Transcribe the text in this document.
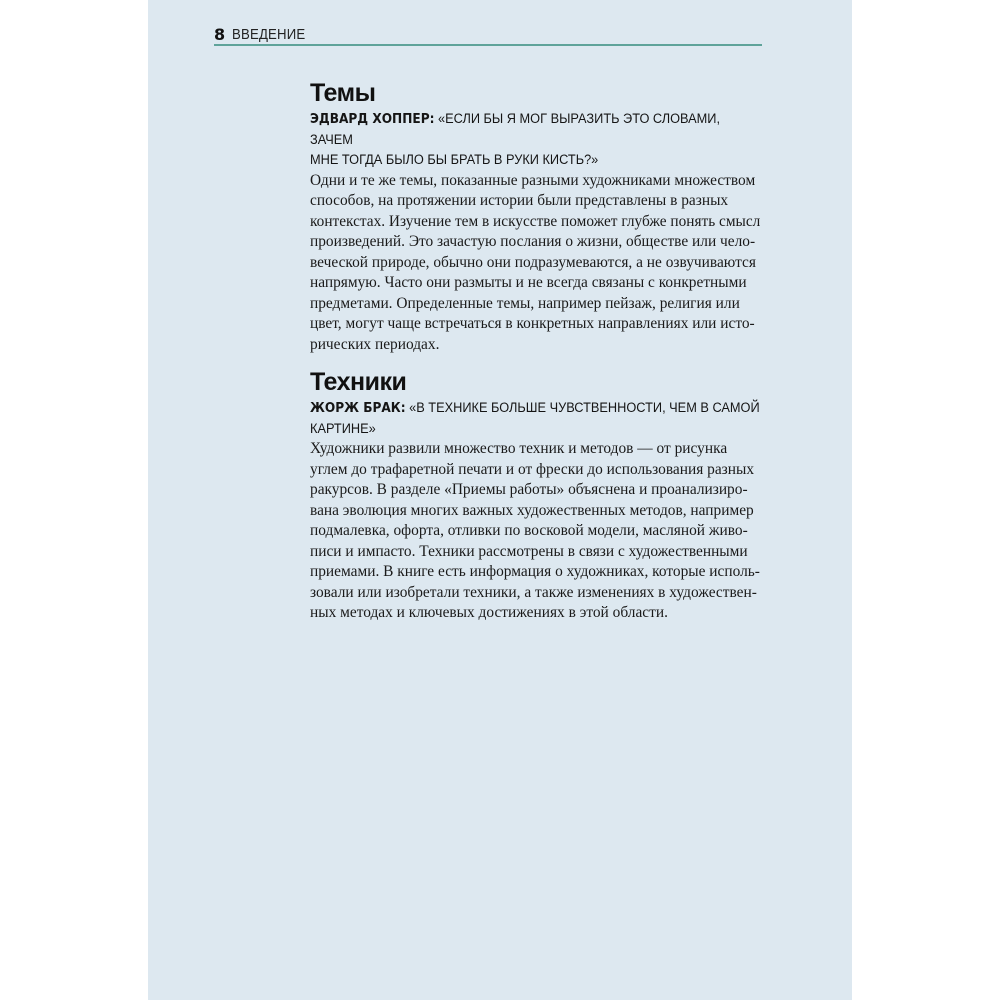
8 ВВЕДЕНИЕ
Темы

ЭДВАРД ХОППЕР: «ЕСЛИ БЫ Я МОГ ВЫРАЗИТЬ ЭТО СЛОВАМИ, ЗАЧЕМ
МНЕ ТОГДА БЫЛО БЫ БРАТЬ В РУКИ КИСТЬ?»

Одни и те же темы, показанные разными художниками множеством
способов, на протяжении истории были представлены в разных
контекстах. Изучение тем в искусстве поможет глубже понять смысл
произведений. Это зачастую послания о жизни, обществе или чело-
веческой природе, обычно они подразумеваются, а не озвучиваются
напрямую. Часто они размыты и не всегда связаны с конкретными
предметами. Определенные темы, например пейзаж, религия или
цвет, могут чаще встречаться в конкретных направлениях или исто-
рических периодах.

Техники

ЖОРЖ БРАК: «В ТЕХНИКЕ БОЛЬШЕ ЧУВСТВЕННОСТИ, ЧЕМ В САМОЙ
КАРТИНЕ»

Художники развили множество техник и методов — от рисунка
углем до трафаретной печати и от фрески до использования разных
ракурсов. В разделе «Приемы работы» объяснена и проанализиро-
вана эволюция многих важных художественных методов, например
подмалевка, офорта, отливки по восковой модели, масляной живо-
писи и импасто. Техники рассмотрены в связи с художественными
приемами. В книге есть информация о художниках, которые исполь-
зовали или изобретали техники, а также изменениях в художествен-
ных методах и ключевых достижениях в этой области.
